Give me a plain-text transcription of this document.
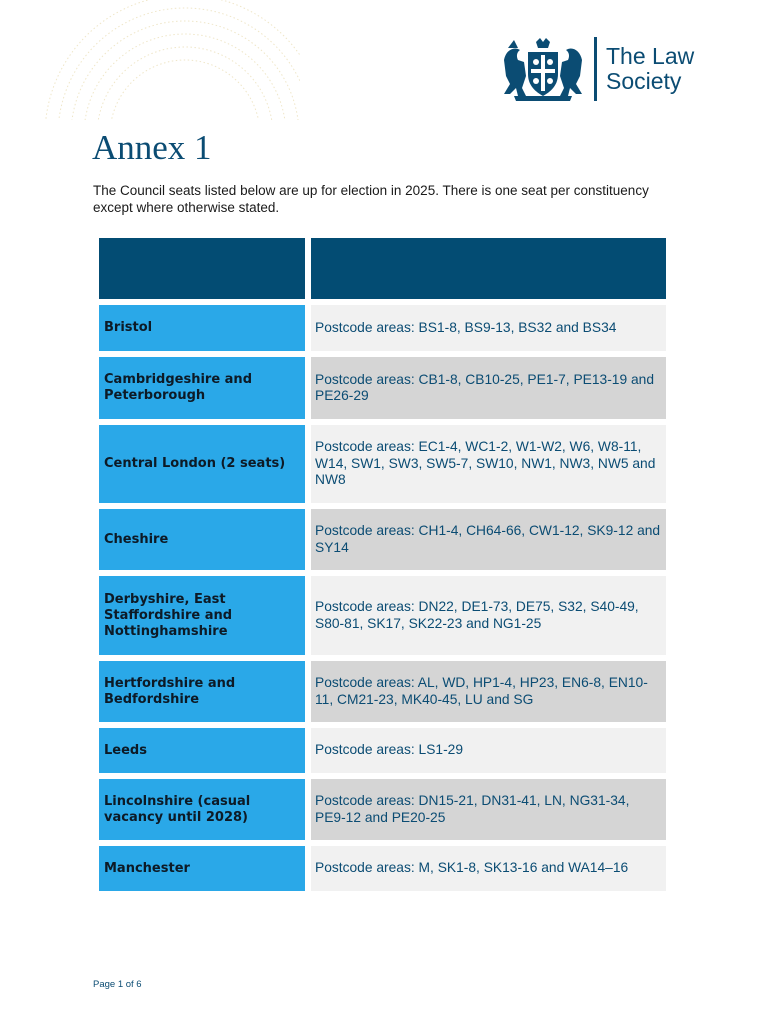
The Law
Society
Annex 1

The Council seats listed below are up for election in 2025. There is one seat per constituency except where otherwise stated.

Bristol	Postcode areas: BS1-8, BS9-13, BS32 and BS34

Cambridgeshire and Peterborough	Postcode areas: CB1-8, CB10-25, PE1-7, PE13-19 and PE26-29

Central London (2 seats)	Postcode areas: EC1-4, WC1-2, W1-W2, W6, W8-11, W14, SW1, SW3, SW5-7, SW10, NW1, NW3, NW5 and NW8

Cheshire	Postcode areas: CH1-4, CH64-66, CW1-12, SK9-12 and SY14

Derbyshire, East Staffordshire and Nottinghamshire	Postcode areas: DN22, DE1-73, DE75, S32, S40-49, S80-81, SK17, SK22-23 and NG1-25

Hertfordshire and Bedfordshire	Postcode areas: AL, WD, HP1-4, HP23, EN6-8, EN10-11, CM21-23, MK40-45, LU and SG

Leeds	Postcode areas: LS1-29

Lincolnshire (casual vacancy until 2028)	Postcode areas: DN15-21, DN31-41, LN, NG31-34, PE9-12 and PE20-25

Manchester	Postcode areas: M, SK1-8, SK13-16 and WA14–16

Page 1 of 6
